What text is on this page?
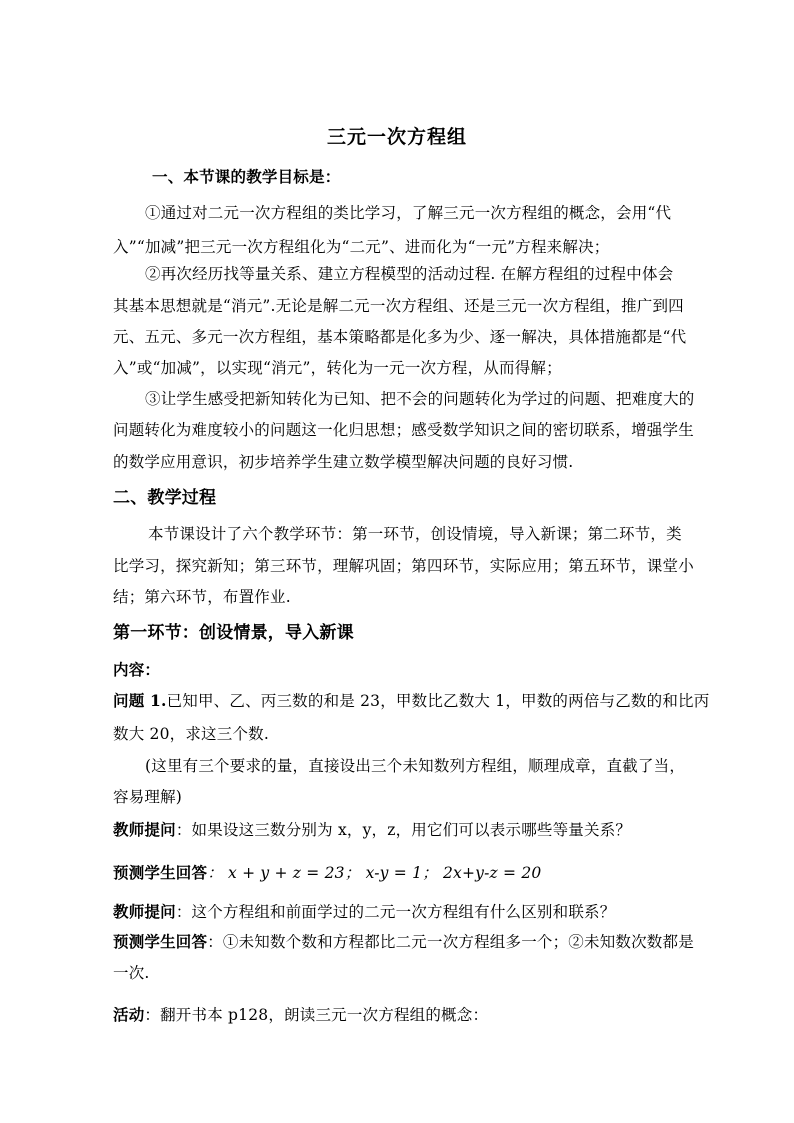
三元一次方程组
一、本节课的教学目标是：
①通过对二元一次方程组的类比学习，了解三元一次方程组的概念，会用“代
入”“加减”把三元一次方程组化为“二元”、进而化为“一元”方程来解决；
②再次经历找等量关系、建立方程模型的活动过程. 在解方程组的过程中体会
其基本思想就是“消元”.无论是解二元一次方程组、还是三元一次方程组，推广到四
元、五元、多元一次方程组，基本策略都是化多为少、逐一解决，具体措施都是“代
入”或“加减”，以实现“消元”，转化为一元一次方程，从而得解；
③让学生感受把新知转化为已知、把不会的问题转化为学过的问题、把难度大的
问题转化为难度较小的问题这一化归思想；感受数学知识之间的密切联系，增强学生
的数学应用意识，初步培养学生建立数学模型解决问题的良好习惯.
二、教学过程
本节课设计了六个教学环节：第一环节，创设情境，导入新课；第二环节，类
比学习，探究新知；第三环节，理解巩固；第四环节，实际应用；第五环节，课堂小
结；第六环节，布置作业.
第一环节：创设情景，导入新课
内容：
问题 1.已知甲、乙、丙三数的和是 23，甲数比乙数大 1，甲数的两倍与乙数的和比丙
数大 20，求这三个数.
(这里有三个要求的量，直接设出三个未知数列方程组，顺理成章，直截了当，
容易理解)
教师提问：如果设这三数分别为 x，y，z，用它们可以表示哪些等量关系？
预测学生回答： x + y + z = 23； x-y = 1； 2x+y-z = 20
教师提问：这个方程组和前面学过的二元一次方程组有什么区别和联系？
预测学生回答：①未知数个数和方程都比二元一次方程组多一个；②未知数次数都是
一次.
活动：翻开书本 p128，朗读三元一次方程组的概念：
